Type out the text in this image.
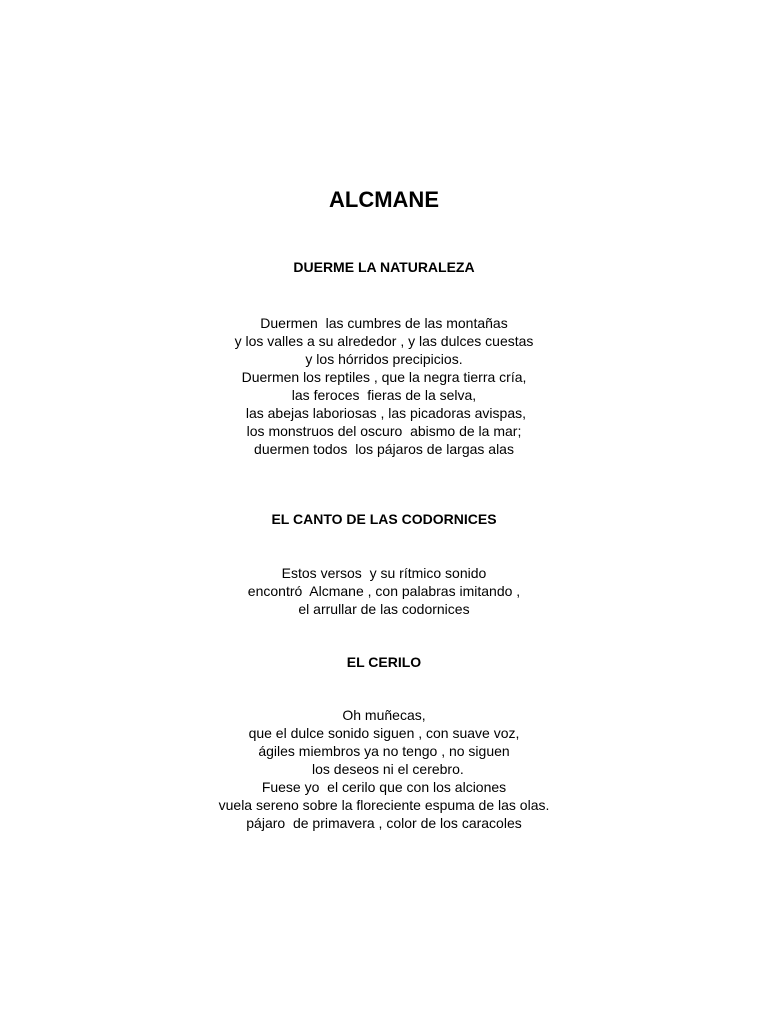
ALCMANE
DUERME LA NATURALEZA
Duermen  las cumbres de las montañas
y los valles a su alrededor , y las dulces cuestas
y los hórridos precipicios.
Duermen los reptiles , que la negra tierra cría,
las feroces  fieras de la selva,
las abejas laboriosas , las picadoras avispas,
los monstruos del oscuro  abismo de la mar;
duermen todos  los pájaros de largas alas
EL CANTO DE LAS CODORNICES
Estos versos  y su rítmico sonido
encontró  Alcmane , con palabras imitando ,
el arrullar de las codornices
EL CERILO
Oh muñecas,
que el dulce sonido siguen , con suave voz,
ágiles miembros ya no tengo , no siguen
los deseos ni el cerebro.
Fuese yo  el cerilo que con los alciones
vuela sereno sobre la floreciente espuma de las olas.
pájaro  de primavera , color de los caracoles
